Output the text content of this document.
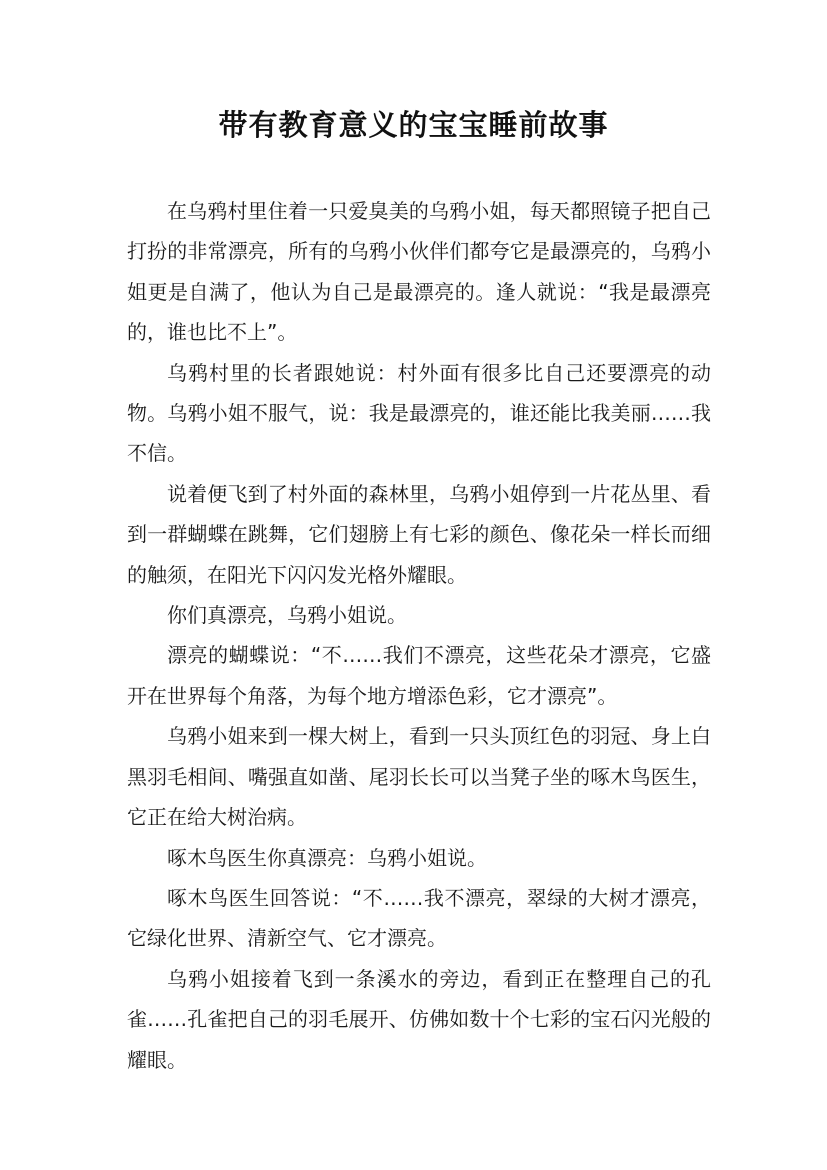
带有教育意义的宝宝睡前故事

在乌鸦村里住着一只爱臭美的乌鸦小姐，每天都照镜子把自己打扮的非常漂亮，所有的乌鸦小伙伴们都夸它是最漂亮的，乌鸦小姐更是自满了，他认为自己是最漂亮的。逢人就说：“我是最漂亮的，谁也比不上”。

乌鸦村里的长者跟她说：村外面有很多比自己还要漂亮的动物。乌鸦小姐不服气，说：我是最漂亮的，谁还能比我美丽……我不信。

说着便飞到了村外面的森林里，乌鸦小姐停到一片花丛里、看到一群蝴蝶在跳舞，它们翅膀上有七彩的颜色、像花朵一样长而细的触须，在阳光下闪闪发光格外耀眼。

你们真漂亮，乌鸦小姐说。

漂亮的蝴蝶说：“不……我们不漂亮，这些花朵才漂亮，它盛开在世界每个角落，为每个地方增添色彩，它才漂亮”。

乌鸦小姐来到一棵大树上，看到一只头顶红色的羽冠、身上白黑羽毛相间、嘴强直如凿、尾羽长长可以当凳子坐的啄木鸟医生，它正在给大树治病。

啄木鸟医生你真漂亮：乌鸦小姐说。

啄木鸟医生回答说：“不……我不漂亮，翠绿的大树才漂亮，它绿化世界、清新空气、它才漂亮。

乌鸦小姐接着飞到一条溪水的旁边，看到正在整理自己的孔雀……孔雀把自己的羽毛展开、仿佛如数十个七彩的宝石闪光般的耀眼。
